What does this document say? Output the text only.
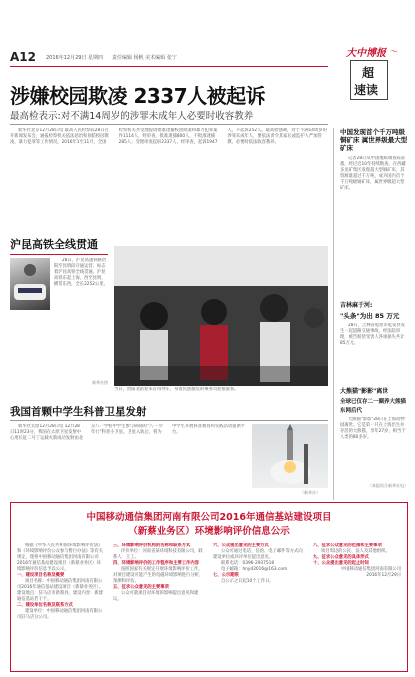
A12 2016年12月29日 星期四 责任编辑 杨帆 美术编辑 张宁	大中博报 〜
超
速读
涉嫌校园欺凌 2337人被起诉
最高检表示:对不满14周岁的涉罪未成年人必要时收容教养

新华社北京12月28日电 最高人民检察院28日召开新闻发布会，通报检察机关依法惩治和预防校园欺凌、暴力犯罪等工作情况。2016年1至11月，全国检察机关共受理提请批准逮捕校园欺凌和暴力犯罪案件1114人，经审查，批准逮捕800人，不批准逮捕285人；受理审查起诉2337人，经审查，起诉1947人，不起诉252人。最高检强调，对于不满14周岁的涉罪未成年人，要依法责令其家长或监护人严加管教，必要时依法收容教养。

中国发现首个千万吨级铜矿床 属世界级最大型矿床

记者28日从中国地质调查局获悉，经过近10年持续勘查，在西藏多龙矿集区发现超大型铜矿床，其资源量超过千万吨，成为国内首个千万吨级铜矿床，属世界级超大型矿床。

沪昆高铁全线贯通

28日，沪昆高速铁路贵阳至昆明段开通运营，标志着沪昆高铁全线贯通。沪昆高铁东起上海，西至昆明，横贯东西，全长2252公里。

新华社图
当日，贵阳北站迎来首班列车，身着民族服装的乘务员迎接旅客。
吉林麻于河:
"头条"为出 85 万元

28日，吉林省松原市乾安县发生一起道路交通事故，经法院审理，被告赔偿受害人各项损失共计85万元。

大熊猫"影影"离世
全球已仅存二一圈养大熊猫
东网后代

大熊猫"影影"28日在上海动物园离世。它是第一只在上海出生并存活的大熊猫，享年27岁，相当于人类的80多岁。

（本报综合新华社电）
我国首颗中学生科普卫星发射

新华社太原12月28日电 12月28日11时23分，我国在太原卫星发射中心用长征二号丁运载火箭成功发射由北京八一学校中学生参与研制的"八一·少年行"科普小卫星。卫星入轨后，将为中学生开展科普教育和实践活动提供平台。

（新华社）
中国移动通信集团河南有限公司2016年通信基站建设项目
（新蔡业务区）环境影响评价信息公示

根据《中华人民共和国环境影响评价法》和《环境影响评价公众参与暂行办法》等有关规定，现将中国移动通信集团河南有限公司2016年通信基站建设项目（新蔡业务区）环境影响评价信息予以公示。

一、建设项目名称及概要

项目名称：中国移动通信集团河南有限公司2016年通信基站建设项目（新蔡业务区）。建设地点：驻马店市新蔡县。建设内容：新建通信基站若干个。

二、建设单位名称及联系方式

建设单位：中国移动通信集团河南有限公司驻马店分公司。

三、环境影响评价机构的名称和联系方式

评价单位：河南省某环境科技有限公司，联系人：王工。

四、环境影响评价的工作程序和主要工作内容

按照国家有关规定开展环境影响评价工作，对项目建设可能产生的电磁环境影响进行分析、预测和评估。

五、征求公众意见的主要事项

公众可就项目对环境的影响提出意见和建议。

六、公众提出意见的主要方式

公众可通过电话、信函、电子邮件等方式向建设单位或环评单位提出意见。

联系电话：0396-2937518

电子邮箱：hnyd2016@163.com

七、公示期限

自公示之日起10个工作日。

八、征求公众意见的范围和主要事项

项目周边的公民、法人及其他组织。

九、征求公众意见的具体形式

十、公众提出意见的起止时间

中国移动通信集团河南有限公司

2016年12月29日
